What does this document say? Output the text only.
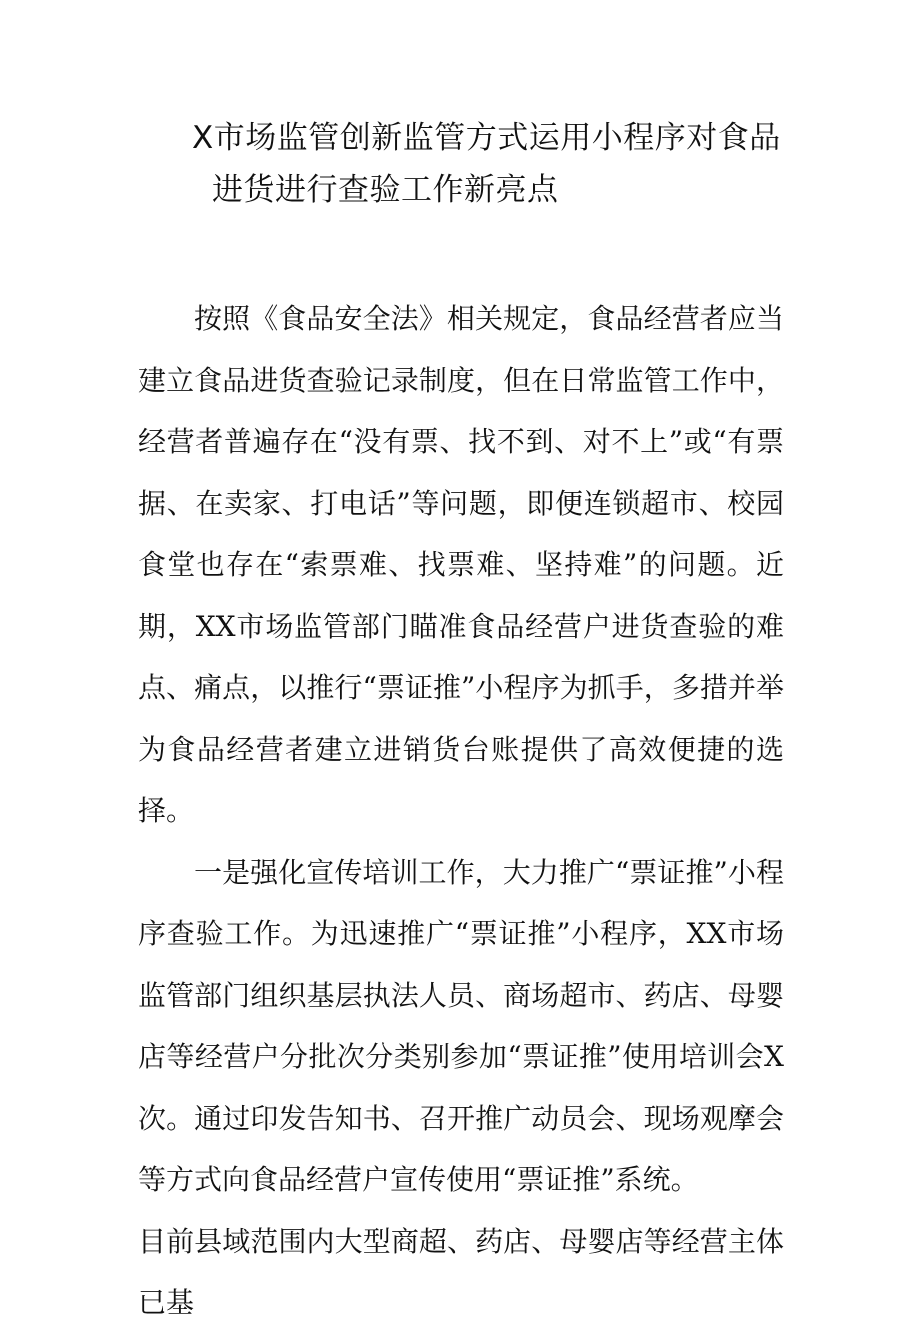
X市场监管创新监管方式运用小程序对食品
进货进行查验工作新亮点

按照《食品安全法》相关规定，食品经营者应当建立食品进货查验记录制度，但在日常监管工作中，经营者普遍存在“没有票、找不到、对不上”或“有票据、在卖家、打电话”等问题，即便连锁超市、校园食堂也存在“索票难、找票难、坚持难”的问题。近期，XX市场监管部门瞄准食品经营户进货查验的难点、痛点，以推行“票证推”小程序为抓手，多措并举为食品经营者建立进销货台账提供了高效便捷的选择。

一是强化宣传培训工作，大力推广“票证推”小程序查验工作。为迅速推广“票证推”小程序，XX市场监管部门组织基层执法人员、商场超市、药店、母婴店等经营户分批次分类别参加“票证推”使用培训会X次。通过印发告知书、召开推广动员会、现场观摩会等方式向食品经营户宣传使用“票证推”系统。

目前县域范围内大型商超、药店、母婴店等经营主体已基
